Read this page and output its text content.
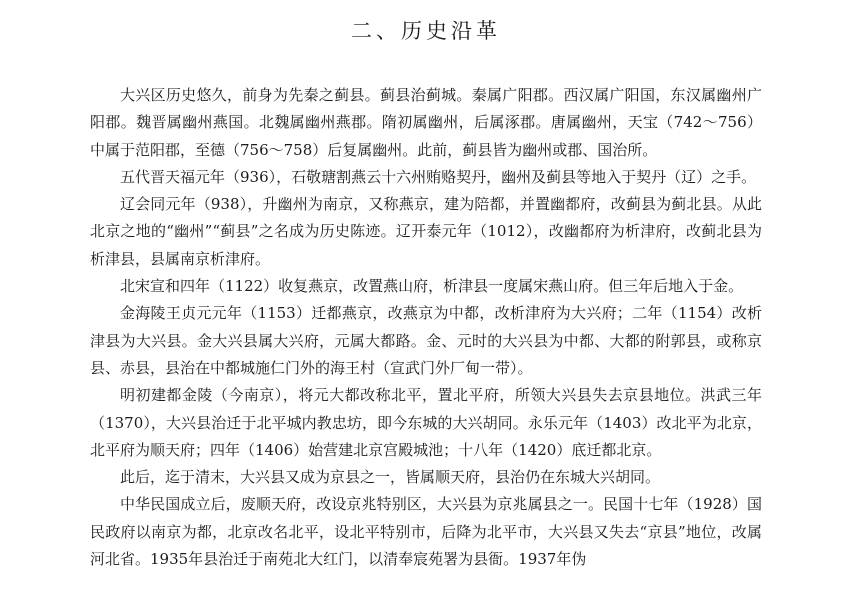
二、历史沿革

大兴区历史悠久，前身为先秦之蓟县。蓟县治蓟城。秦属广阳郡。西汉属广阳国，东汉属幽州广阳郡。魏晋属幽州燕国。北魏属幽州燕郡。隋初属幽州，后属涿郡。唐属幽州，天宝（742～756）中属于范阳郡，至德（756～758）后复属幽州。此前，蓟县皆为幽州或郡、国治所。

五代晋天福元年（936），石敬瑭割燕云十六州贿赂契丹，幽州及蓟县等地入于契丹（辽）之手。

辽会同元年（938），升幽州为南京，又称燕京，建为陪都，并置幽都府，改蓟县为蓟北县。从此北京之地的“幽州”“蓟县”之名成为历史陈迹。辽开泰元年（1012），改幽都府为析津府，改蓟北县为析津县，县属南京析津府。

北宋宣和四年（1122）收复燕京，改置燕山府，析津县一度属宋燕山府。但三年后地入于金。

金海陵王贞元元年（1153）迁都燕京，改燕京为中都，改析津府为大兴府；二年（1154）改析津县为大兴县。金大兴县属大兴府，元属大都路。金、元时的大兴县为中都、大都的附郭县，或称京县、赤县，县治在中都城施仁门外的海王村（宣武门外厂甸一带）。

明初建都金陵（今南京），将元大都改称北平，置北平府，所领大兴县失去京县地位。洪武三年（1370），大兴县治迁于北平城内教忠坊，即今东城的大兴胡同。永乐元年（1403）改北平为北京，北平府为顺天府；四年（1406）始营建北京宫殿城池；十八年（1420）底迁都北京。

此后，迄于清末，大兴县又成为京县之一，皆属顺天府，县治仍在东城大兴胡同。

中华民国成立后，废顺天府，改设京兆特别区，大兴县为京兆属县之一。民国十七年（1928）国民政府以南京为都，北京改名北平，设北平特别市，后降为北平市，大兴县又失去“京县”地位，改属河北省。1935年县治迁于南苑北大红门，以清奉宸苑署为县衙。1937年伪
